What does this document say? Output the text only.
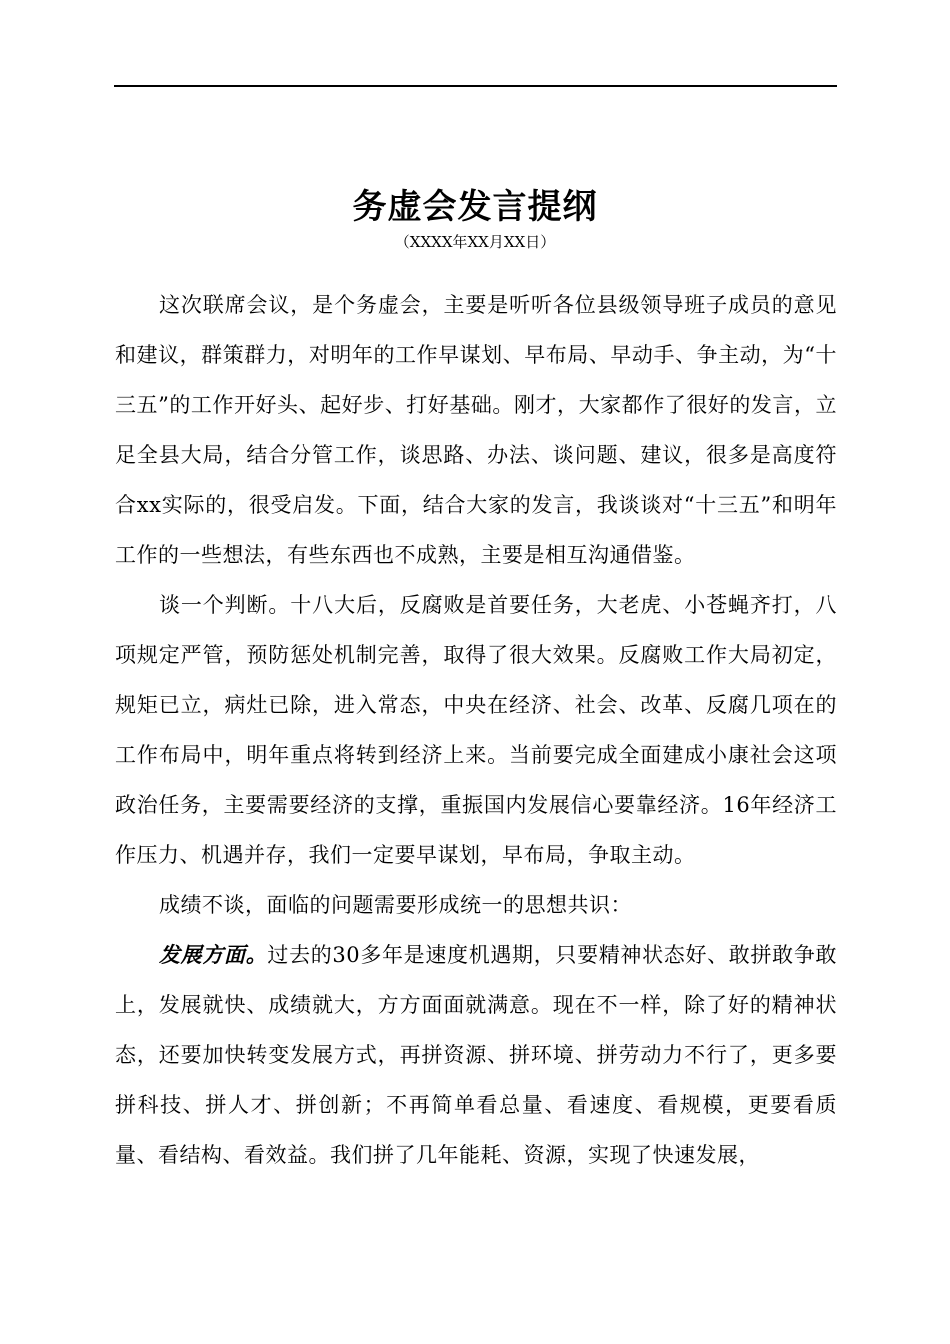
务虚会发言提纲
（XXXX年XX月XX日）

这次联席会议，是个务虚会，主要是听听各位县级领导班子成员的意见和建议，群策群力，对明年的工作早谋划、早布局、早动手、争主动，为“十三五”的工作开好头、起好步、打好基础。刚才，大家都作了很好的发言，立足全县大局，结合分管工作，谈思路、办法、谈问题、建议，很多是高度符合xx实际的，很受启发。下面，结合大家的发言，我谈谈对“十三五”和明年工作的一些想法，有些东西也不成熟，主要是相互沟通借鉴。

谈一个判断。十八大后，反腐败是首要任务，大老虎、小苍蝇齐打，八项规定严管，预防惩处机制完善，取得了很大效果。反腐败工作大局初定，规矩已立，病灶已除，进入常态，中央在经济、社会、改革、反腐几项在的工作布局中，明年重点将转到经济上来。当前要完成全面建成小康社会这项政治任务，主要需要经济的支撑，重振国内发展信心要靠经济。16年经济工作压力、机遇并存，我们一定要早谋划，早布局，争取主动。

成绩不谈，面临的问题需要形成统一的思想共识：

发展方面。过去的30多年是速度机遇期，只要精神状态好、敢拼敢争敢上，发展就快、成绩就大，方方面面就满意。现在不一样，除了好的精神状态，还要加快转变发展方式，再拼资源、拼环境、拼劳动力不行了，更多要拼科技、拼人才、拼创新；不再简单看总量、看速度、看规模，更要看质量、看结构、看效益。我们拼了几年能耗、资源，实现了快速发展，
